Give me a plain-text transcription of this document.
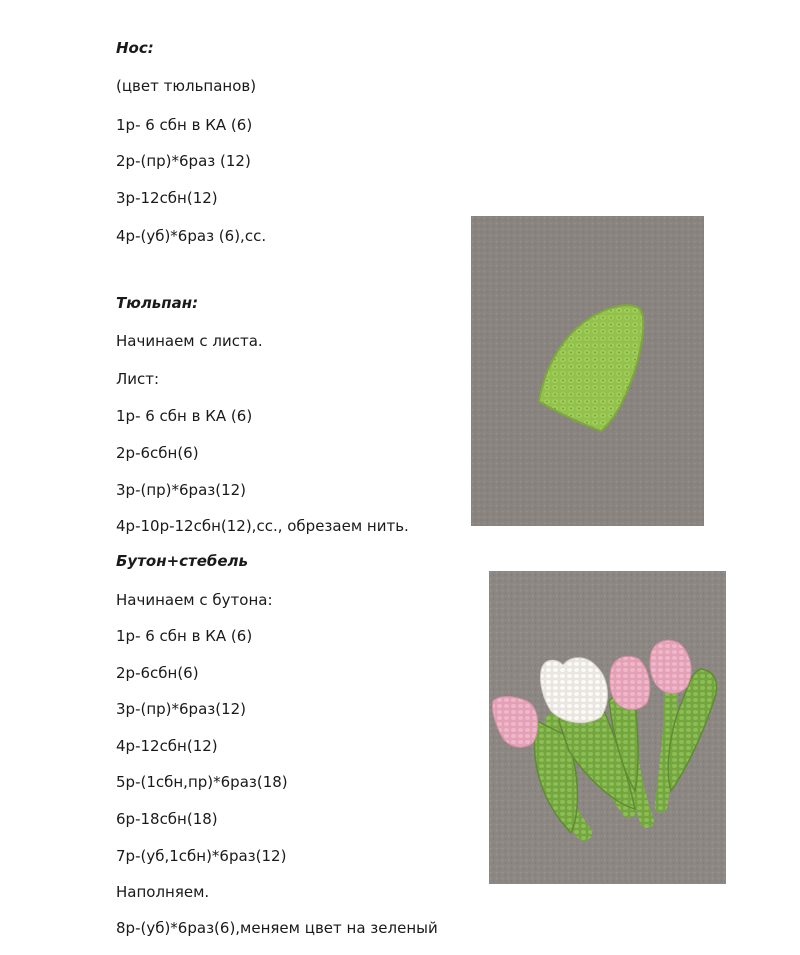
Нос:
(цвет тюльпанов)
1р- 6 сбн в КА (6)
2р-(пр)*6раз (12)
3р-12сбн(12)
4р-(уб)*6раз (6),сс.
Тюльпан:
Начинаем с листа.
Лист:
1р- 6 сбн в КА (6)
2р-6сбн(6)
3р-(пр)*6раз(12)
4р-10р-12сбн(12),сс., обрезаем нить.
Бутон+стебель
Начинаем с бутона:
1р- 6 сбн в КА (6)
2р-6сбн(6)
3р-(пр)*6раз(12)
4р-12сбн(12)
5р-(1сбн,пр)*6раз(18)
6р-18сбн(18)
7р-(уб,1сбн)*6раз(12)
Наполняем.
8р-(уб)*6раз(6),меняем цвет на зеленый
